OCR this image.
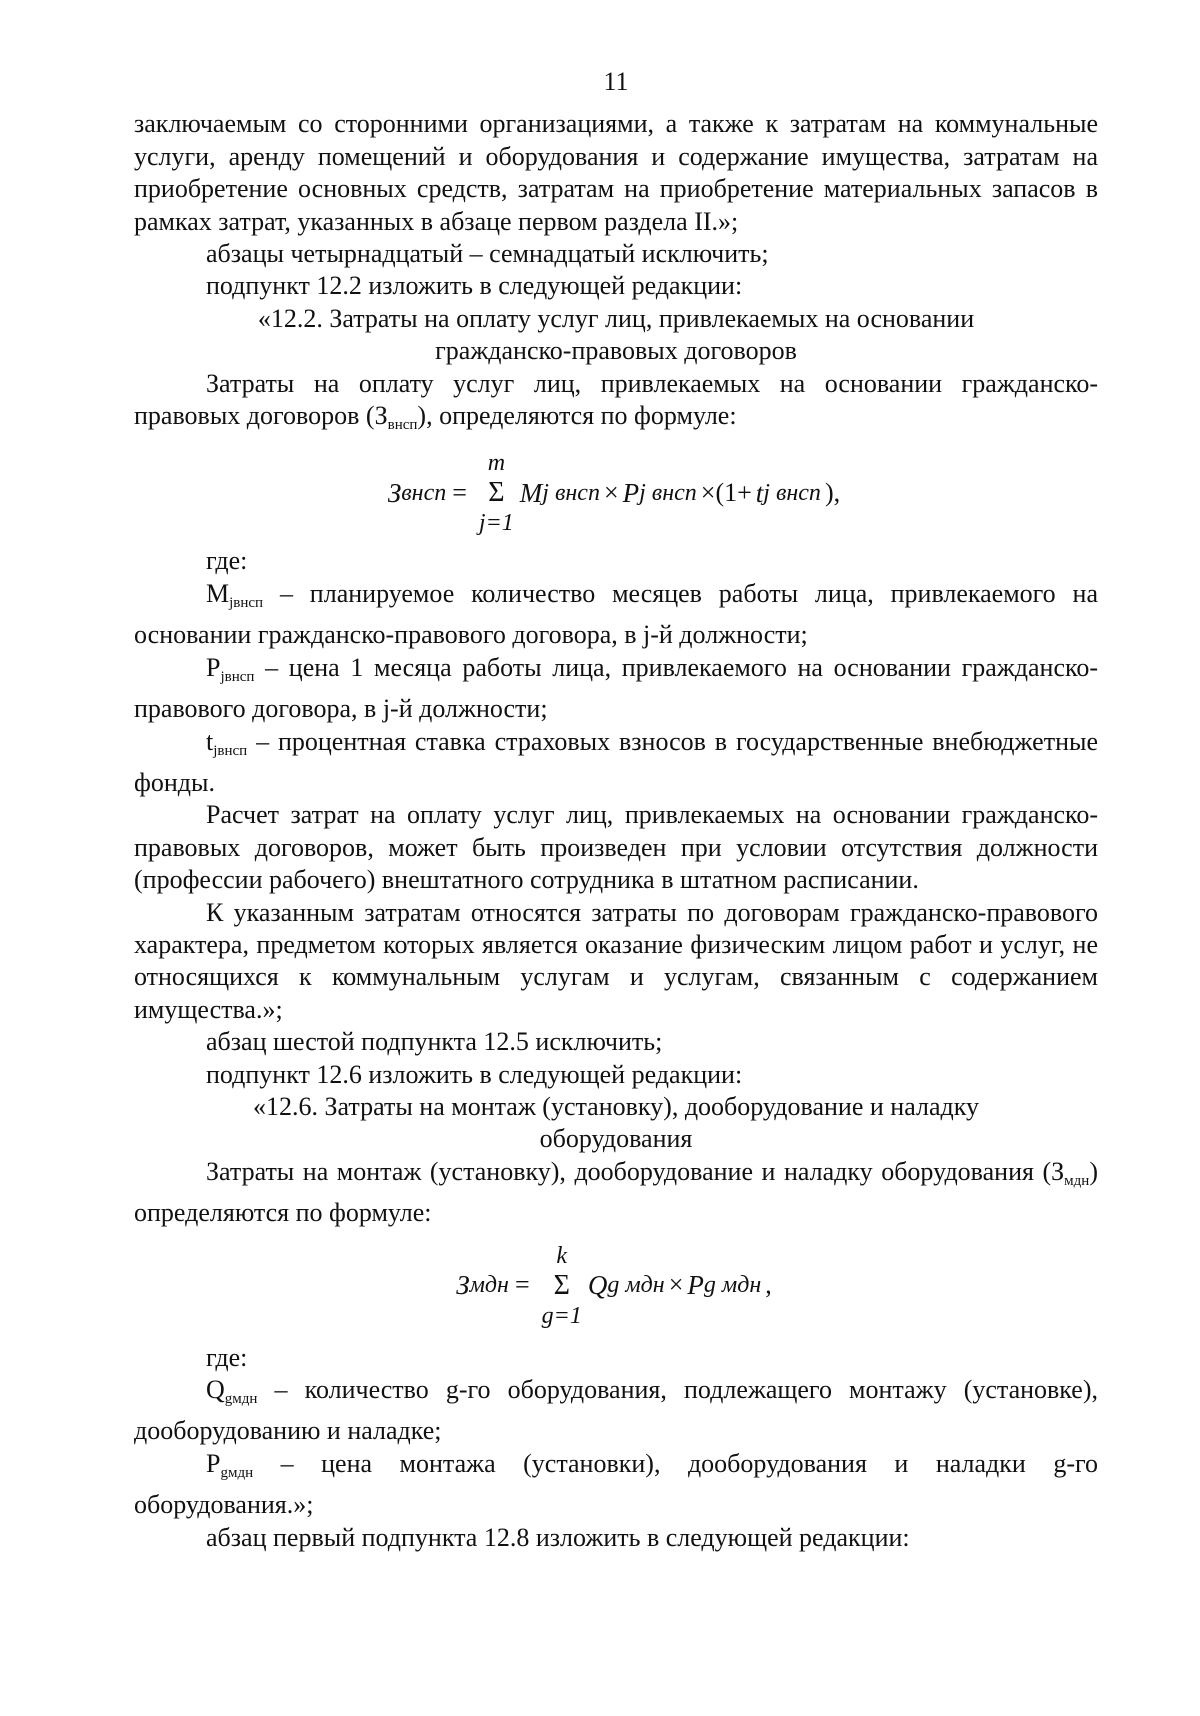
11

заключаемым со сторонними организациями, а также к затратам на коммунальные услуги, аренду помещений и оборудования и содержание имущества, затратам на приобретение основных средств, затратам на приобретение материальных запасов в рамках затрат, указанных в абзаце первом раздела II.»;

абзацы четырнадцатый – семнадцатый исключить;

подпункт 12.2 изложить в следующей редакции:

«12.2. Затраты на оплату услуг лиц, привлекаемых на основании
гражданско-правовых договоров

Затраты на оплату услуг лиц, привлекаемых на основании гражданско-правовых договоров (Звнсп), определяются по формуле:

З внсп =
m
Σ
j=1
M j внсп × P j внсп ×(1+ t j внсп ),

где:

Mjвнсп – планируемое количество месяцев работы лица, привлекаемого на основании гражданско-правового договора, в j-й должности;

Pjвнсп – цена 1 месяца работы лица, привлекаемого на основании гражданско-правового договора, в j-й должности;

tjвнсп – процентная ставка страховых взносов в государственные внебюджетные фонды.

Расчет затрат на оплату услуг лиц, привлекаемых на основании гражданско-правовых договоров, может быть произведен при условии отсутствия должности (профессии рабочего) внештатного сотрудника в штатном расписании.

К указанным затратам относятся затраты по договорам гражданско-правового характера, предметом которых является оказание физическим лицом работ и услуг, не относящихся к коммунальным услугам и услугам, связанным с содержанием имущества.»;

абзац шестой подпункта 12.5 исключить;

подпункт 12.6 изложить в следующей редакции:

«12.6. Затраты на монтаж (установку), дооборудование и наладку
оборудования

Затраты на монтаж (установку), дооборудование и наладку оборудования (Змдн) определяются по формуле:

З мдн =
k
Σ
g=1
Q g мдн × P g мдн ,

где:

Qgмдн – количество g-го оборудования, подлежащего монтажу (установке), дооборудованию и наладке;

Pgмдн – цена монтажа (установки), дооборудования и наладки g-го оборудования.»;

абзац первый подпункта 12.8 изложить в следующей редакции:
